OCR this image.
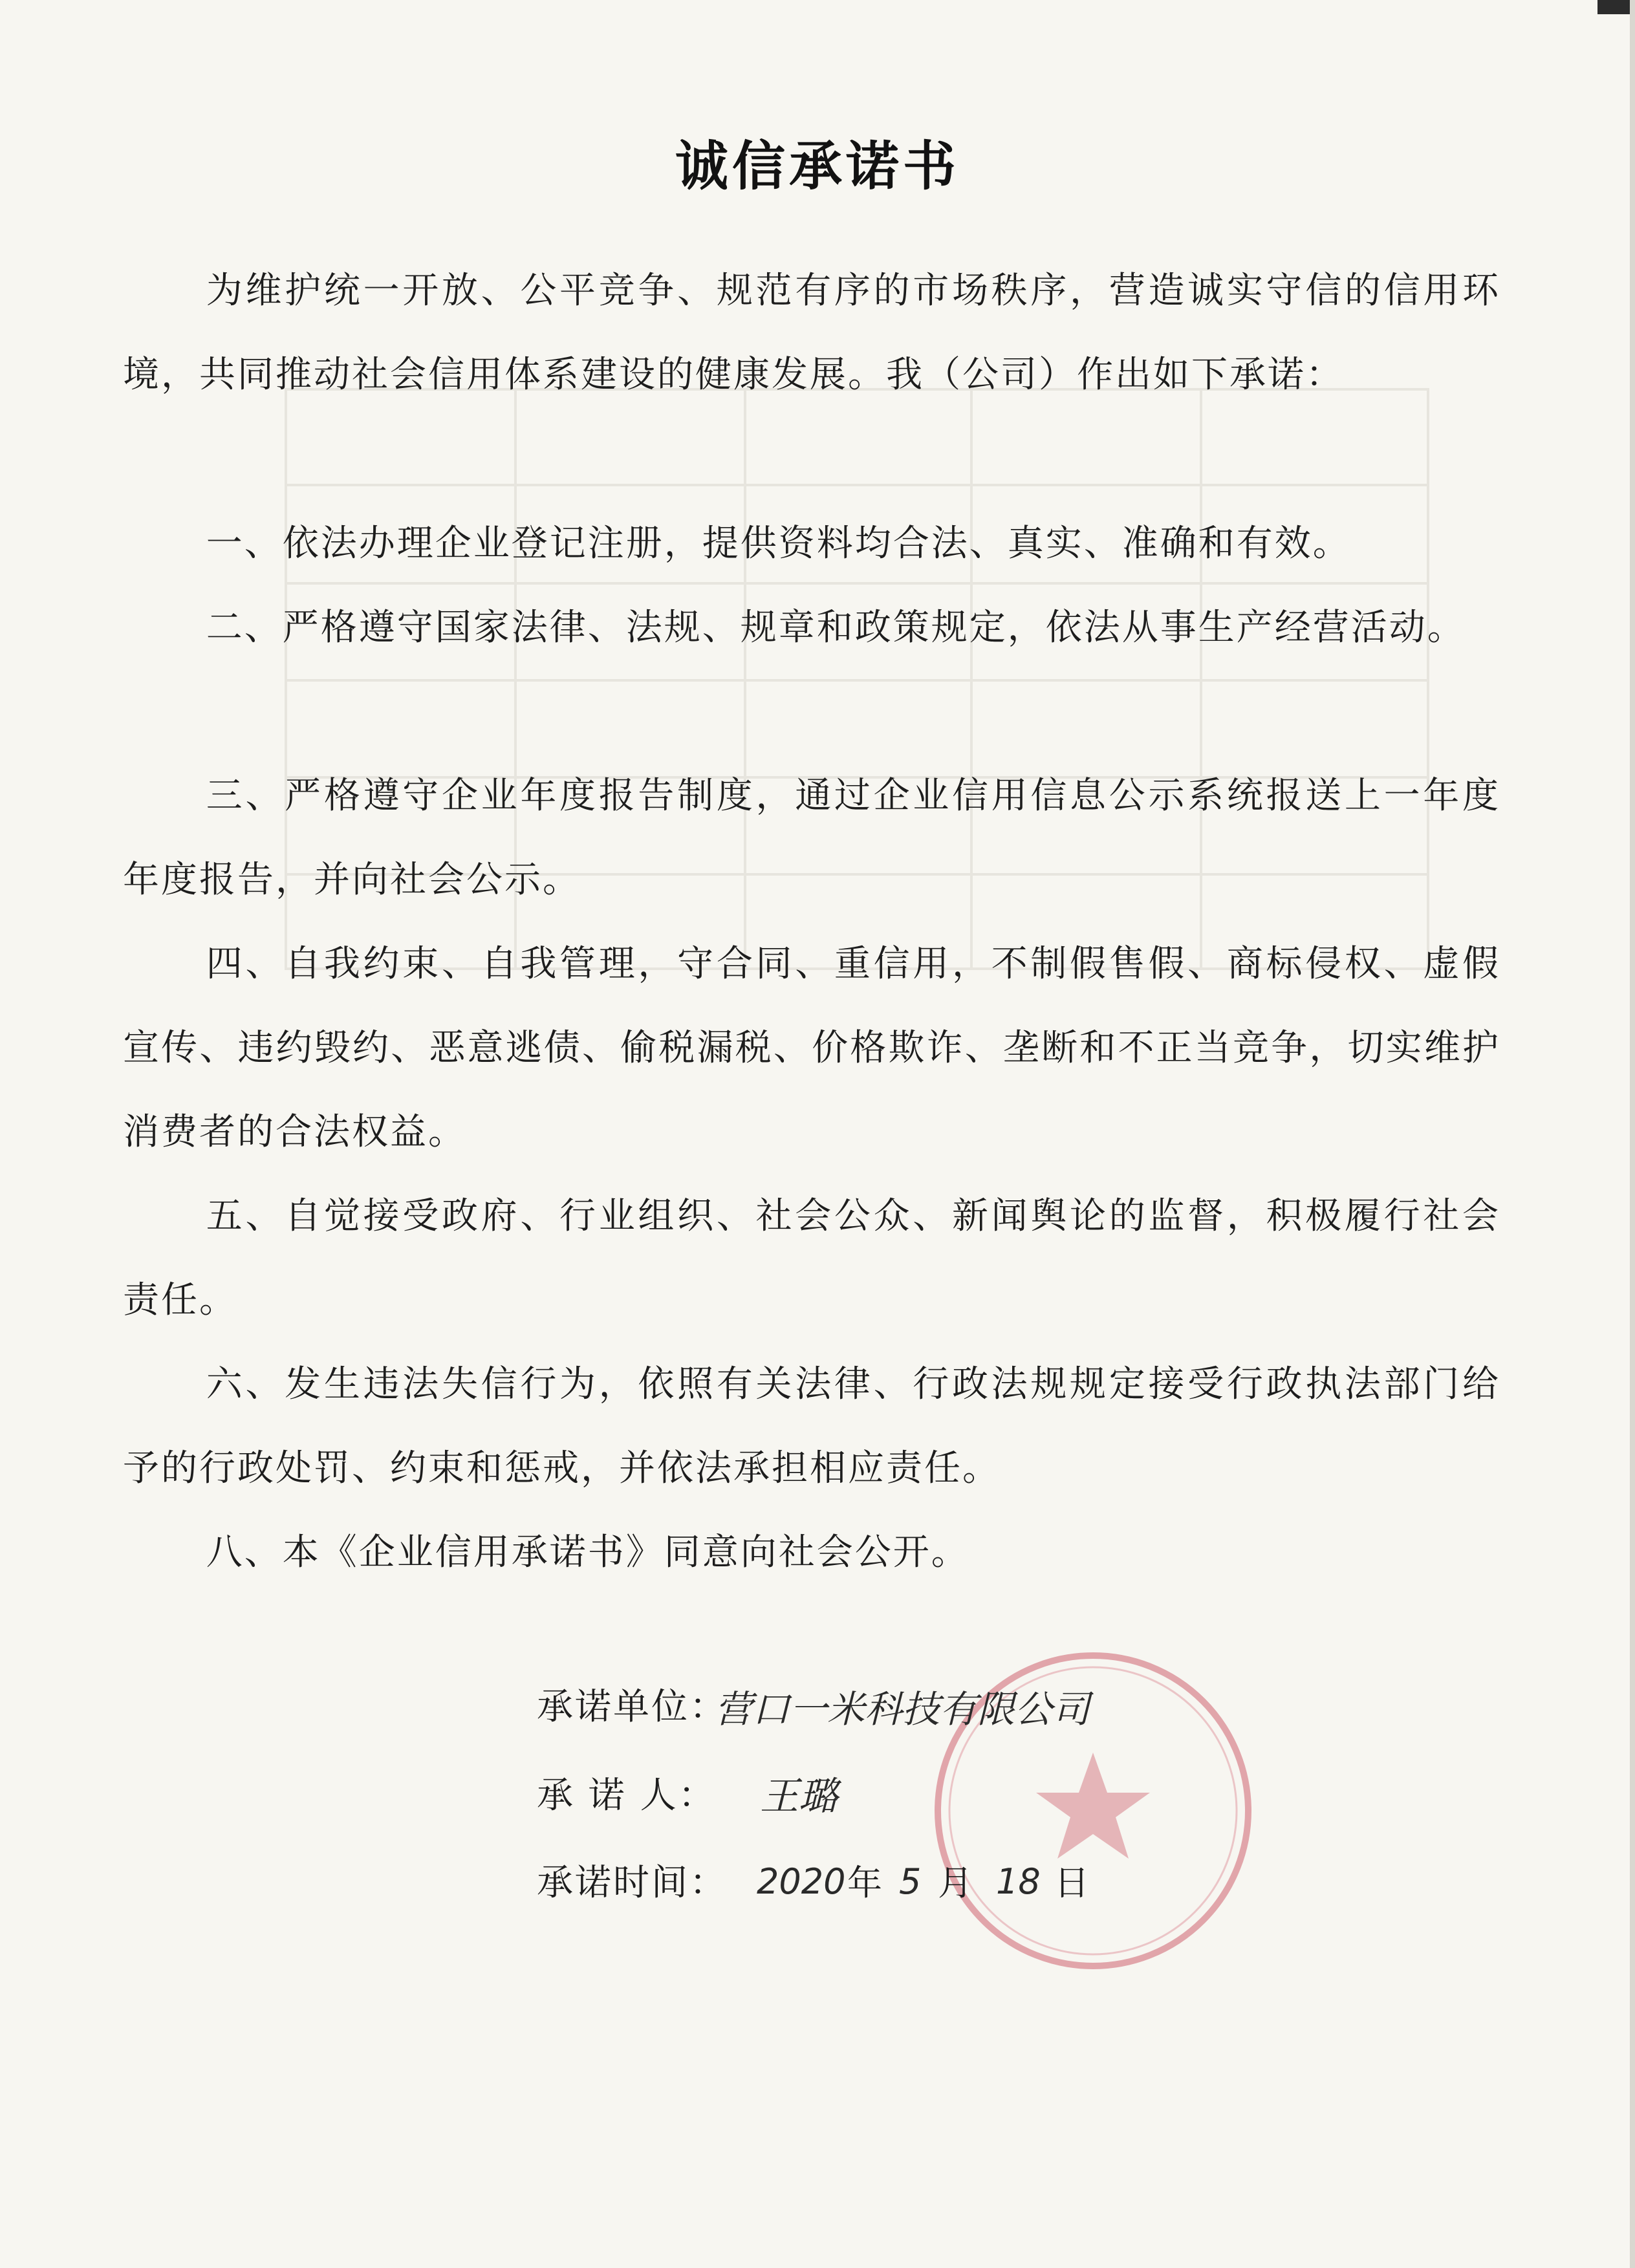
诚信承诺书
为维护统一开放、公平竞争、规范有序的市场秩序，营造诚实守信的信用环境，共同推动社会信用体系建设的健康发展。我（公司）作出如下承诺：
一、依法办理企业登记注册，提供资料均合法、真实、准确和有效。
二、严格遵守国家法律、法规、规章和政策规定，依法从事生产经营活动。
三、严格遵守企业年度报告制度，通过企业信用信息公示系统报送上一年度年度报告，并向社会公示。
四、自我约束、自我管理，守合同、重信用，不制假售假、商标侵权、虚假宣传、违约毁约、恶意逃债、偷税漏税、价格欺诈、垄断和不正当竞争，切实维护消费者的合法权益。
五、自觉接受政府、行业组织、社会公众、新闻舆论的监督，积极履行社会责任。
六、发生违法失信行为，依照有关法律、行政法规规定接受行政执法部门给予的行政处罚、约束和惩戒，并依法承担相应责任。
八、本《企业信用承诺书》同意向社会公开。
承诺单位：
营口一米科技有限公司
承 诺 人： 王璐
承诺时间： 2020 年 5 月 18 日
